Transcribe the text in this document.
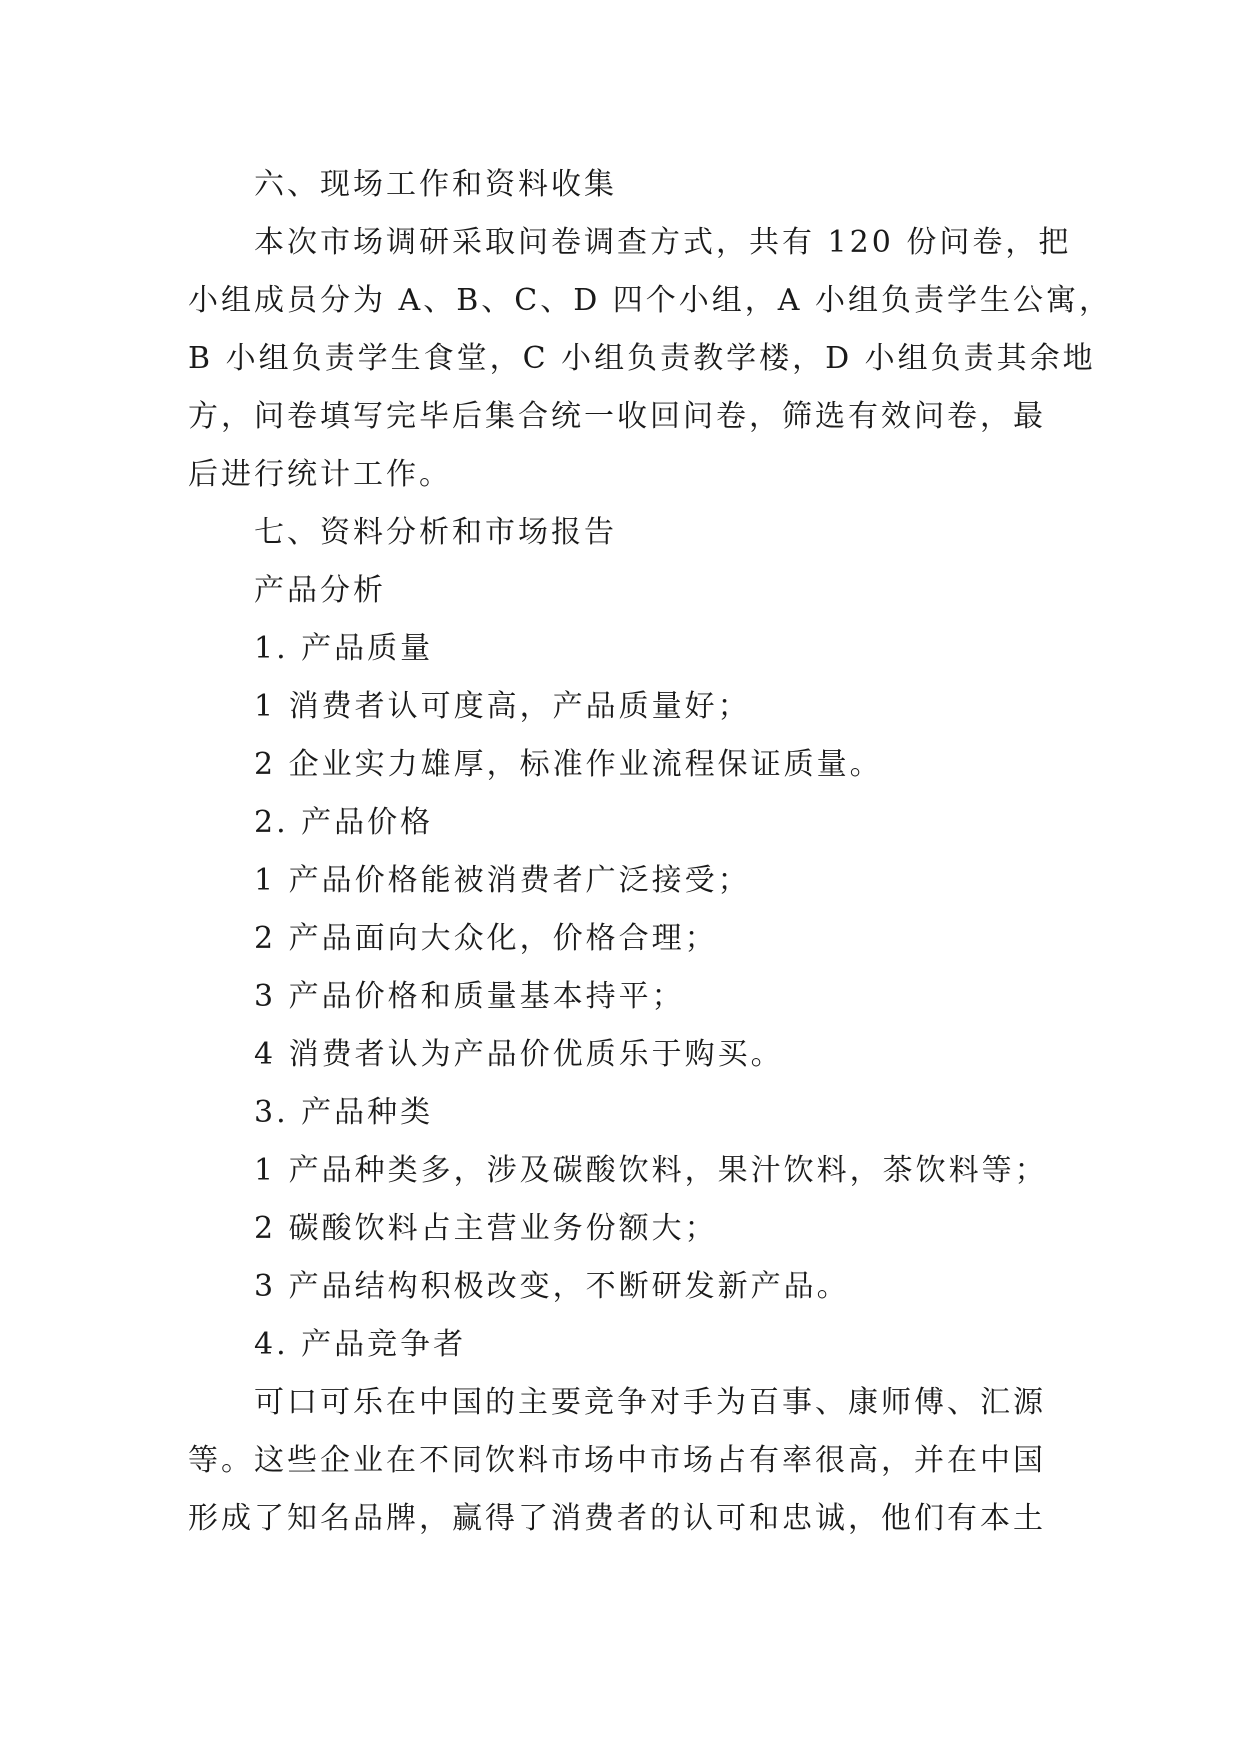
六、现场工作和资料收集
本次市场调研采取问卷调查方式，共有 120 份问卷，把
小组成员分为 A、B、C、D 四个小组，A 小组负责学生公寓，
B 小组负责学生食堂，C 小组负责教学楼，D 小组负责其余地
方，问卷填写完毕后集合统一收回问卷，筛选有效问卷，最
后进行统计工作。
七、资料分析和市场报告
产品分析
1. 产品质量
1 消费者认可度高，产品质量好；
2 企业实力雄厚，标准作业流程保证质量。
2. 产品价格
1 产品价格能被消费者广泛接受；
2 产品面向大众化，价格合理；
3 产品价格和质量基本持平；
4 消费者认为产品价优质乐于购买。
3. 产品种类
1 产品种类多，涉及碳酸饮料，果汁饮料，茶饮料等；
2 碳酸饮料占主营业务份额大；
3 产品结构积极改变，不断研发新产品。
4. 产品竞争者
可口可乐在中国的主要竞争对手为百事、康师傅、汇源
等。这些企业在不同饮料市场中市场占有率很高，并在中国
形成了知名品牌，赢得了消费者的认可和忠诚，他们有本土
